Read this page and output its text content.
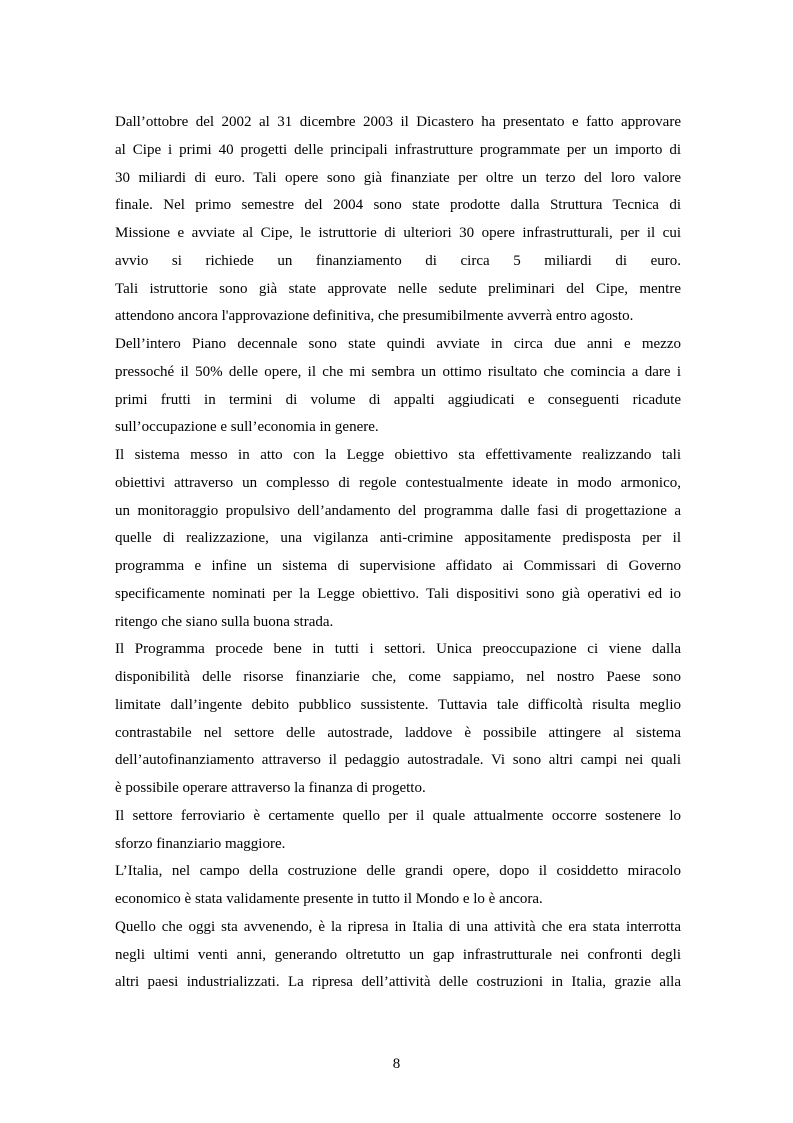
Dall’ottobre del 2002 al 31 dicembre 2003 il Dicastero ha presentato e fatto approvare
al Cipe i primi 40 progetti delle principali infrastrutture programmate per un importo di
30 miliardi di euro. Tali opere sono già finanziate per oltre un terzo del loro valore
finale. Nel primo semestre del 2004 sono state prodotte dalla Struttura Tecnica di
Missione e avviate al Cipe, le istruttorie di ulteriori 30 opere infrastrutturali, per il cui
avvio si richiede un finanziamento di circa 5 miliardi di euro.
Tali istruttorie sono già state approvate nelle sedute preliminari del Cipe, mentre
attendono ancora l'approvazione definitiva, che presumibilmente avverrà entro agosto.

Dell’intero Piano decennale sono state quindi avviate in circa due anni e mezzo
pressoché il 50% delle opere, il che mi sembra un ottimo risultato che comincia a dare i
primi frutti in termini di volume di appalti aggiudicati e conseguenti ricadute
sull’occupazione e sull’economia in genere.

Il sistema messo in atto con la Legge obiettivo sta effettivamente realizzando tali
obiettivi attraverso un complesso di regole contestualmente ideate in modo armonico,
un monitoraggio propulsivo dell’andamento del programma dalle fasi di progettazione a
quelle di realizzazione, una vigilanza anti-crimine appositamente predisposta per il
programma e infine un sistema di supervisione affidato ai Commissari di Governo
specificamente nominati per la Legge obiettivo. Tali dispositivi sono già operativi ed io
ritengo che siano sulla buona strada.

Il Programma procede bene in tutti i settori. Unica preoccupazione ci viene dalla
disponibilità delle risorse finanziarie che, come sappiamo, nel nostro Paese sono
limitate dall’ingente debito pubblico sussistente. Tuttavia tale difficoltà risulta meglio
contrastabile nel settore delle autostrade, laddove è possibile attingere al sistema
dell’autofinanziamento attraverso il pedaggio autostradale. Vi sono altri campi nei quali
è possibile operare attraverso la finanza di progetto.

Il settore ferroviario è certamente quello per il quale attualmente occorre sostenere lo
sforzo finanziario maggiore.

L’Italia, nel campo della costruzione delle grandi opere, dopo il cosiddetto miracolo
economico è stata validamente presente in tutto il Mondo e lo è ancora.

Quello che oggi sta avvenendo, è la ripresa in Italia di una attività che era stata interrotta
negli ultimi venti anni, generando oltretutto un gap infrastrutturale nei confronti degli
altri paesi industrializzati. La ripresa dell’attività delle costruzioni in Italia, grazie alla

8
